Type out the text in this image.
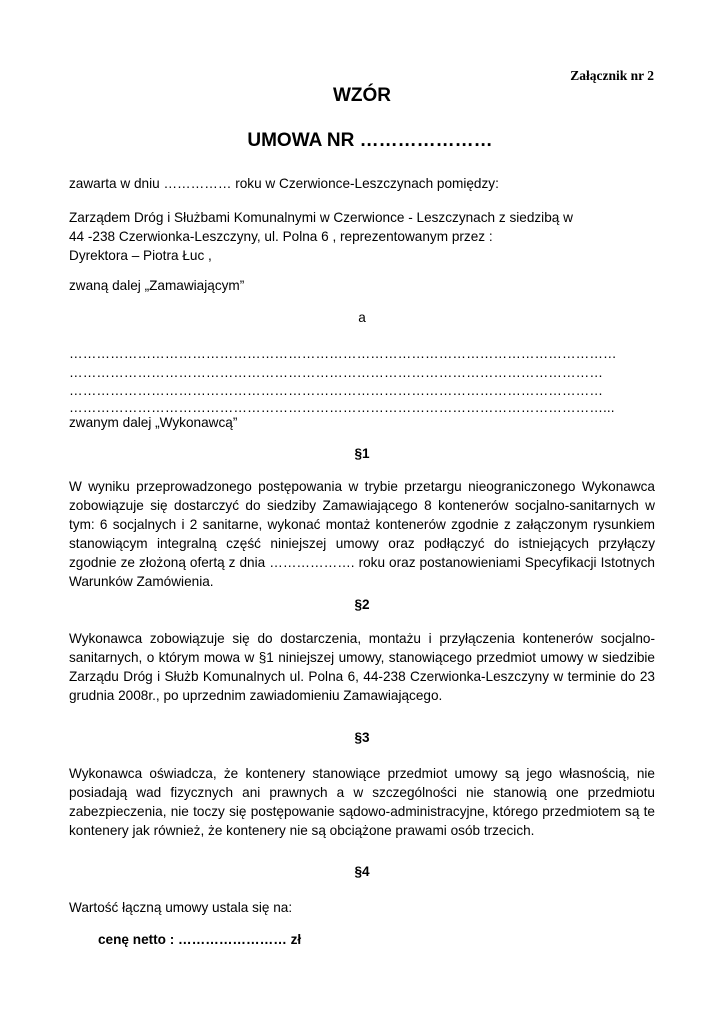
Załącznik nr 2
WZÓR
UMOWA NR …………………
zawarta w dniu …………… roku w Czerwionce-Leszczynach pomiędzy:
Zarządem Dróg i Służbami Komunalnymi w Czerwionce - Leszczynach z siedzibą w
44 -238 Czerwionka-Leszczyny, ul. Polna 6 , reprezentowanym przez :
Dyrektora – Piotra Łuc ,
zwaną dalej „Zamawiającym”
a
…………………………………………………………………………………………………………
………………………………………………………………………………………………………
………………………………………………………………………………………………………
………………………………………………………………………………………………………...
zwanym dalej „Wykonawcą”
§1
W wyniku przeprowadzonego postępowania w trybie przetargu nieograniczonego Wykonawca zobowiązuje się dostarczyć do siedziby Zamawiającego 8 kontenerów socjalno-sanitarnych w tym: 6 socjalnych i 2 sanitarne, wykonać montaż kontenerów zgodnie z załączonym rysunkiem stanowiącym integralną część niniejszej umowy oraz podłączyć do istniejących przyłączy zgodnie ze złożoną ofertą z dnia ………………. roku oraz postanowieniami Specyfikacji Istotnych Warunków Zamówienia.
§2
Wykonawca zobowiązuje się do dostarczenia, montażu i przyłączenia kontenerów socjalno-sanitarnych, o którym mowa w §1 niniejszej umowy, stanowiącego przedmiot umowy w siedzibie Zarządu Dróg i Służb Komunalnych ul. Polna 6, 44-238 Czerwionka-Leszczyny w terminie do 23 grudnia 2008r., po uprzednim zawiadomieniu Zamawiającego.
§3
Wykonawca oświadcza, że kontenery stanowiące przedmiot umowy są jego własnością, nie posiadają wad fizycznych ani prawnych a w szczególności nie stanowią one przedmiotu zabezpieczenia, nie toczy się postępowanie sądowo-administracyjne, którego przedmiotem są te kontenery jak również, że kontenery nie są obciążone prawami osób trzecich.
§4
Wartość łączną umowy ustala się na:
cenę netto : …………………… zł
